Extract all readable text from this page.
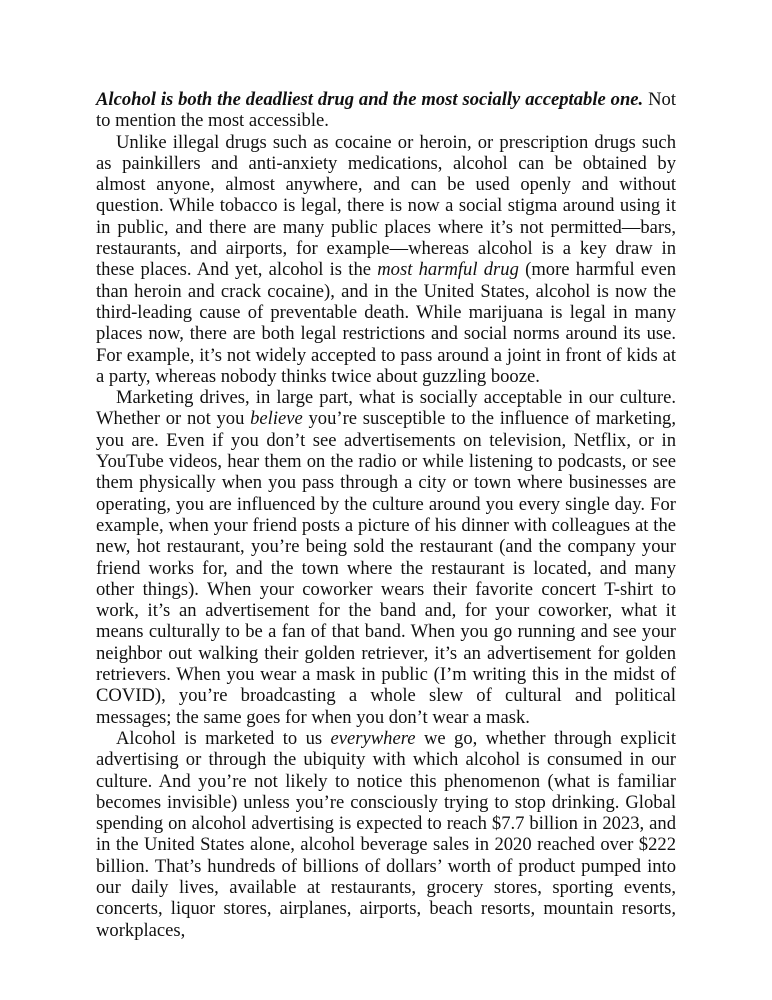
Alcohol is both the deadliest drug and the most socially acceptable one. Not to mention the most accessible.

Unlike illegal drugs such as cocaine or heroin, or prescription drugs such as painkillers and anti-anxiety medications, alcohol can be obtained by almost anyone, almost anywhere, and can be used openly and without question. While tobacco is legal, there is now a social stigma around using it in public, and there are many public places where it’s not permitted—bars, restaurants, and airports, for example—whereas alcohol is a key draw in these places. And yet, alcohol is the most harmful drug (more harmful even than heroin and crack cocaine), and in the United States, alcohol is now the third-leading cause of preventable death. While marijuana is legal in many places now, there are both legal restrictions and social norms around its use. For example, it’s not widely accepted to pass around a joint in front of kids at a party, whereas nobody thinks twice about guzzling booze.

Marketing drives, in large part, what is socially acceptable in our culture. Whether or not you believe you’re susceptible to the influence of marketing, you are. Even if you don’t see advertisements on television, Netflix, or in YouTube videos, hear them on the radio or while listening to podcasts, or see them physically when you pass through a city or town where businesses are operating, you are influenced by the culture around you every single day. For example, when your friend posts a picture of his dinner with colleagues at the new, hot restaurant, you’re being sold the restaurant (and the company your friend works for, and the town where the restaurant is located, and many other things). When your coworker wears their favorite concert T-shirt to work, it’s an advertisement for the band and, for your coworker, what it means culturally to be a fan of that band. When you go running and see your neighbor out walking their golden retriever, it’s an advertisement for golden retrievers. When you wear a mask in public (I’m writing this in the midst of COVID), you’re broadcasting a whole slew of cultural and political messages; the same goes for when you don’t wear a mask.

Alcohol is marketed to us everywhere we go, whether through explicit advertising or through the ubiquity with which alcohol is consumed in our culture. And you’re not likely to notice this phenomenon (what is familiar becomes invisible) unless you’re consciously trying to stop drinking. Global spending on alcohol advertising is expected to reach $7.7 billion in 2023, and in the United States alone, alcohol beverage sales in 2020 reached over $222 billion. That’s hundreds of billions of dollars’ worth of product pumped into our daily lives, available at restaurants, grocery stores, sporting events, concerts, liquor stores, airplanes, airports, beach resorts, mountain resorts, workplaces,
